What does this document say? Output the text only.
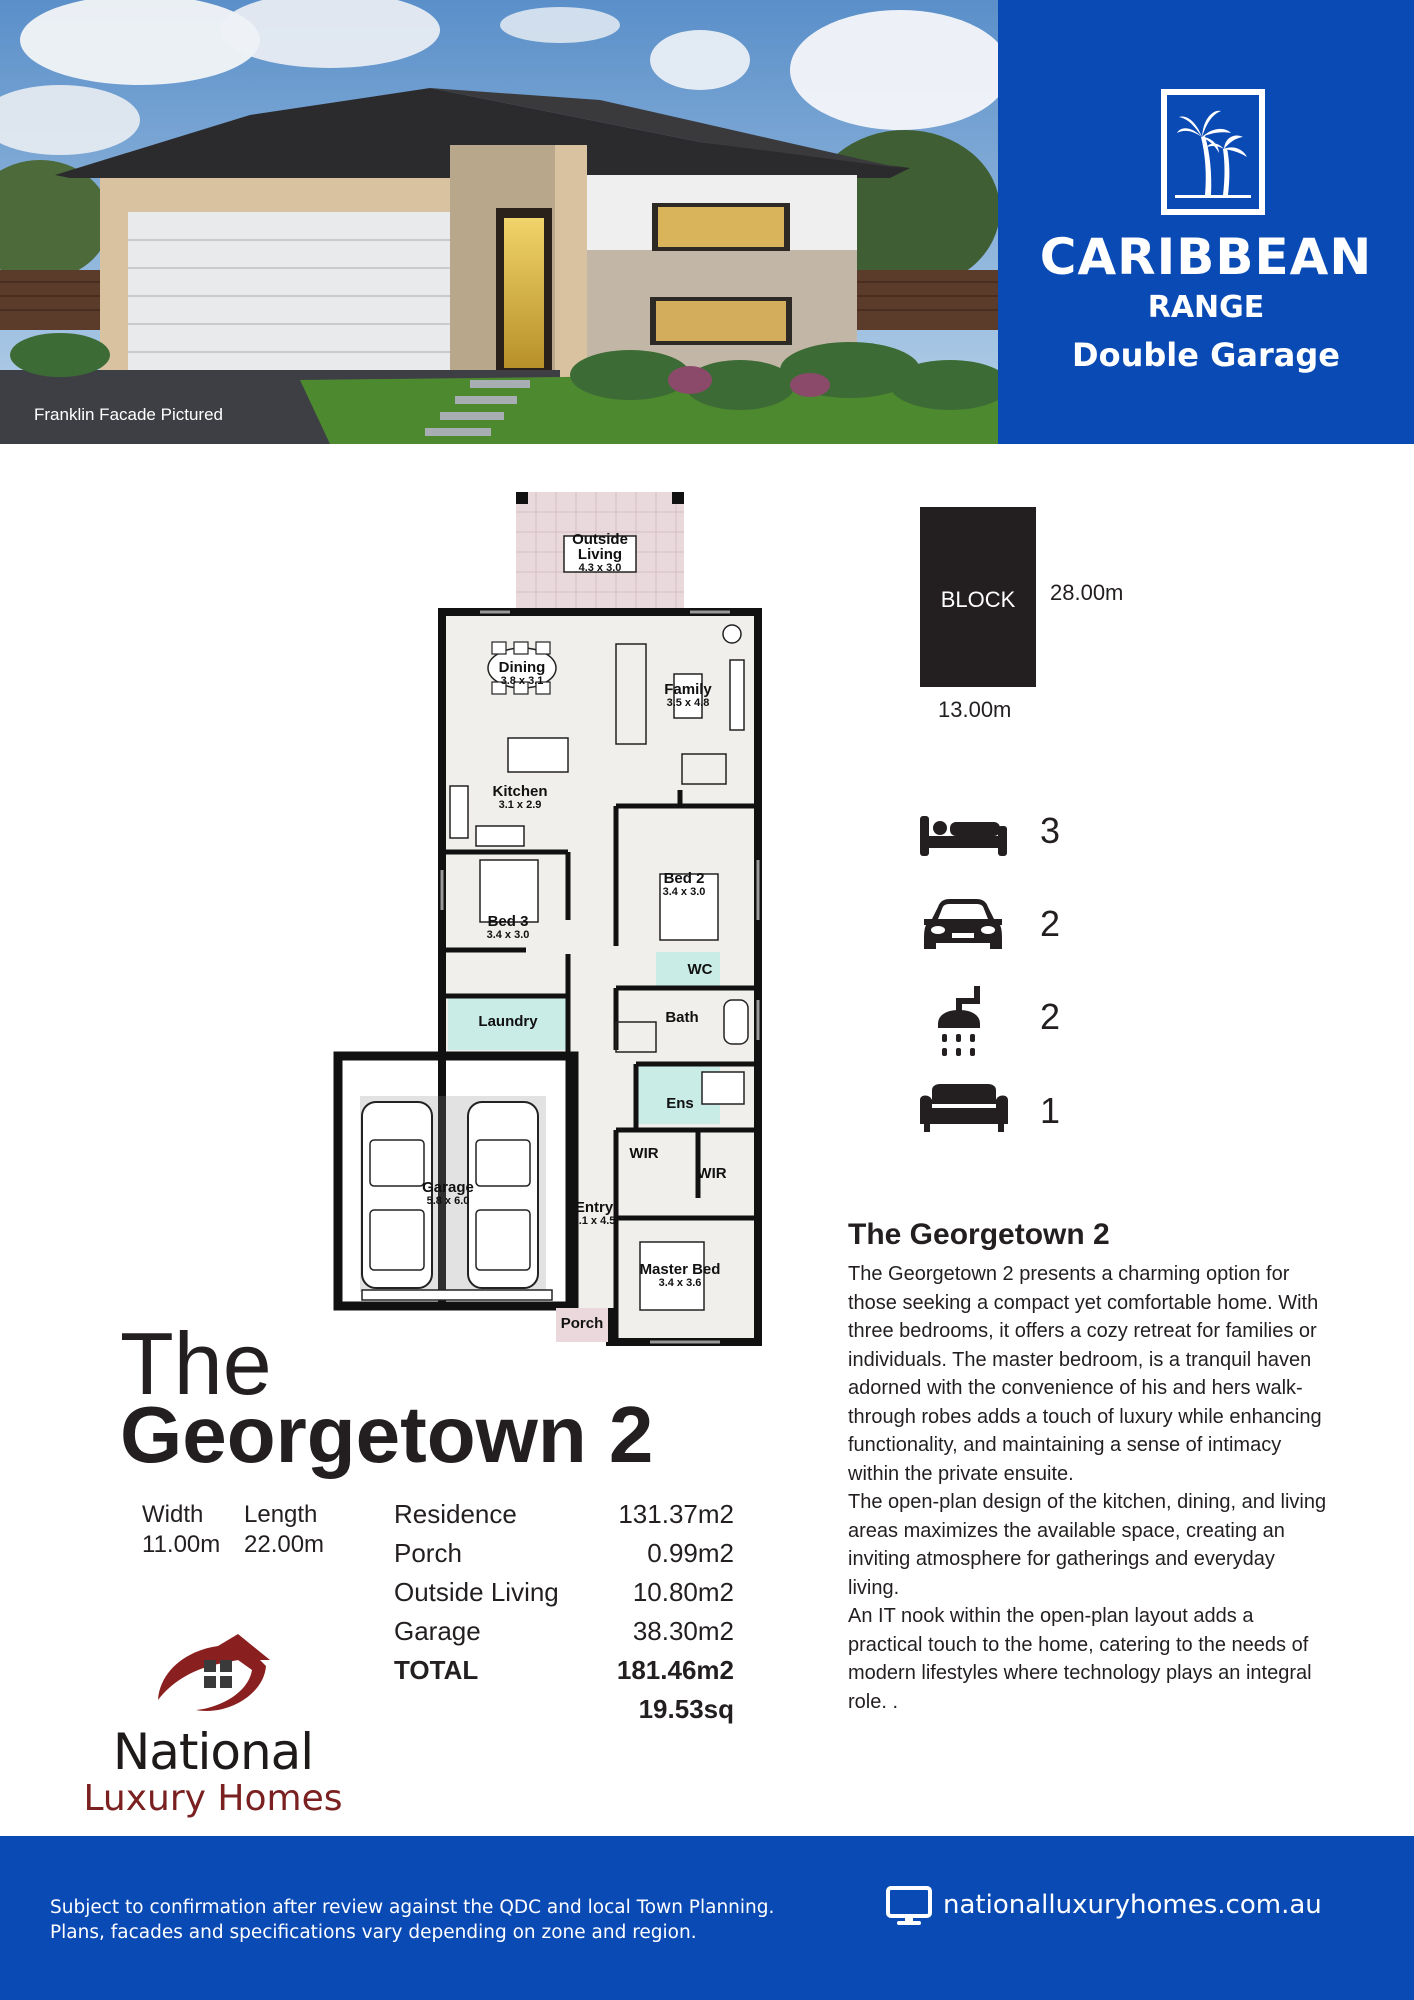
Franklin Facade Pictured
CARIBBEAN
RANGE
Double Garage
Outside
Living
4.3 x 3.0
Dining
3.8 x 3.1	Family
3.5 x 4.8
Kitchen
3.1 x 2.9
Bed 2
3.4 x 3.0
Bed 3
3.4 x 3.0
WC
Laundry	Bath
Ens
WIR
WIR
Garage
5.8 x 6.0	Entry
1.1 x 4.5
Master Bed
3.4 x 3.6
Porch
BLOCK	28.00m
13.00m
3
2
2
1
The
Georgetown 2
Width
11.00m
Length
22.00m
Residence	131.37m2
Porch	0.99m2
Outside Living	10.80m2
Garage	38.30m2
TOTAL	181.46m2
19.53sq
National
Luxury Homes
The Georgetown 2

The Georgetown 2 presents a charming option for those seeking a compact yet comfortable home. With three bedrooms, it offers a cozy retreat for families or individuals. The master bedroom, is a tranquil haven adorned with the convenience of his and hers walk-through robes adds a touch of luxury while enhancing functionality, and maintaining a sense of intimacy within the private ensuite.

The open-plan design of the kitchen, dining, and living areas maximizes the available space, creating an inviting atmosphere for gatherings and everyday living.

An IT nook within the open-plan layout adds a practical touch to the home, catering to the needs of modern lifestyles where technology plays an integral role. .

Subject to confirmation after review against the QDC and local Town Planning.
Plans, facades and specifications vary depending on zone and region.
nationalluxuryhomes.com.au
